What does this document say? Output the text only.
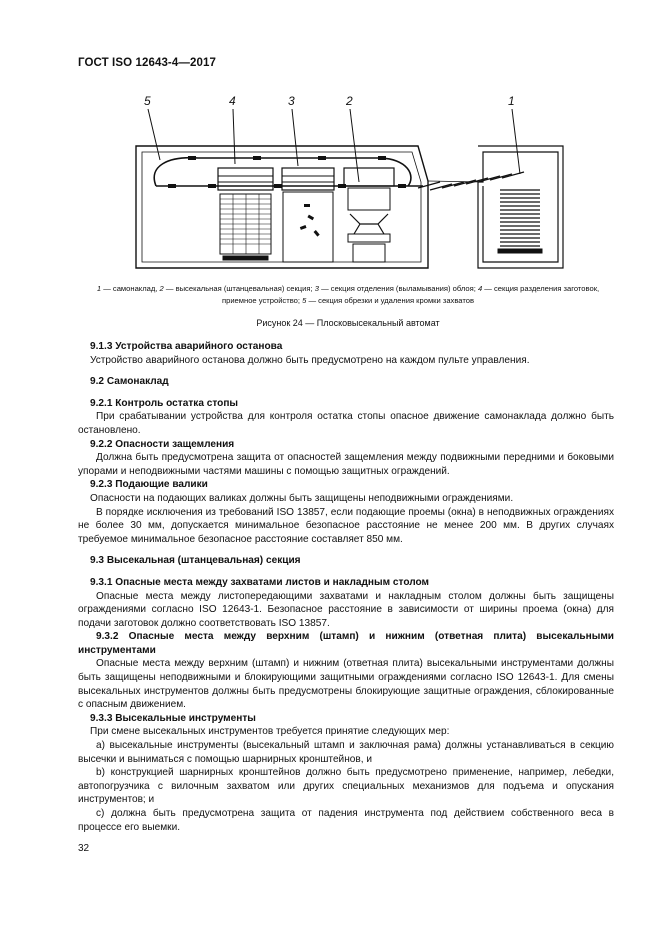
ГОСТ ISO 12643-4—2017
5	4	3	2	1
1 — самонаклад, 2 — высекальная (штанцевальная) секция; 3 — секция отделения (выламывания) облоя; 4 — секция разделения заготовок, приемное устройство; 5 — секция обрезки и удаления кромки захватов
Рисунок 24 — Плосковысекальный автомат

9.1.3 Устройства аварийного останова

Устройство аварийного останова должно быть предусмотрено на каждом пульте управления.

9.2 Самонаклад

9.2.1 Контроль остатка стопы

При срабатывании устройства для контроля остатка стопы опасное движение самонаклада должно быть остановлено.

9.2.2 Опасности защемления

Должна быть предусмотрена защита от опасностей защемления между подвижными передними и боковыми упорами и неподвижными частями машины с помощью защитных ограждений.

9.2.3 Подающие валики

Опасности на подающих валиках должны быть защищены неподвижными ограждениями.

В порядке исключения из требований ISO 13857, если подающие проемы (окна) в неподвижных ограждениях не более 30 мм, допускается минимальное безопасное расстояние не менее 200 мм. В других случаях требуемое минимальное безопасное расстояние составляет 850 мм.

9.3 Высекальная (штанцевальная) секция

9.3.1 Опасные места между захватами листов и накладным столом

Опасные места между листопередающими захватами и накладным столом должны быть защищены ограждениями согласно ISO 12643-1. Безопасное расстояние в зависимости от ширины проема (окна) для подачи заготовок должно соответствовать ISO 13857.

9.3.2 Опасные места между верхним (штамп) и нижним (ответная плита) высекальными инструментами

Опасные места между верхним (штамп) и нижним (ответная плита) высекальными инструментами должны быть защищены неподвижными и блокирующими защитными ограждениями согласно ISO 12643-1. Для смены высекальных инструментов должны быть предусмотрены блокирующие защитные ограждения, сблокированные с опасным движением.

9.3.3 Высекальные инструменты

При смене высекальных инструментов требуется принятие следующих мер:

a) высекальные инструменты (высекальный штамп и заключная рама) должны устанавливаться в секцию высечки и выниматься с помощью шарнирных кронштейнов, и

b) конструкцией шарнирных кронштейнов должно быть предусмотрено применение, например, лебедки, автопогрузчика с вилочным захватом или других специальных механизмов для подъема и опускания инструментов; и

c) должна быть предусмотрена защита от падения инструмента под действием собственного веса в процессе его выемки.

32
